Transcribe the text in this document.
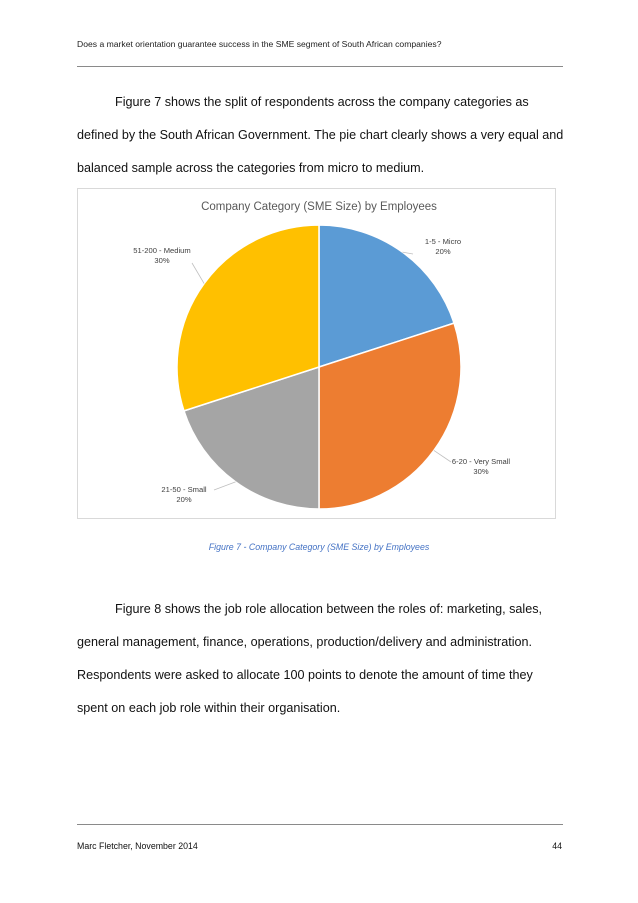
Does a market orientation guarantee success in the SME segment of South African companies?

Figure 7 shows the split of respondents across the company categories as defined by the South African Government. The pie chart clearly shows a very equal and balanced sample across the categories from micro to medium.

Company Category (SME Size) by Employees
1-5 - Micro
20%
6-20 - Very Small
30%
21-50 - Small
20%
51-200 - Medium
30%
Figure 7 - Company Category (SME Size) by Employees

Figure 8 shows the job role allocation between the roles of: marketing, sales, general management, finance, operations, production/delivery and administration. Respondents were asked to allocate 100 points to denote the amount of time they spent on each job role within their organisation.

Marc Fletcher, November 2014	44
